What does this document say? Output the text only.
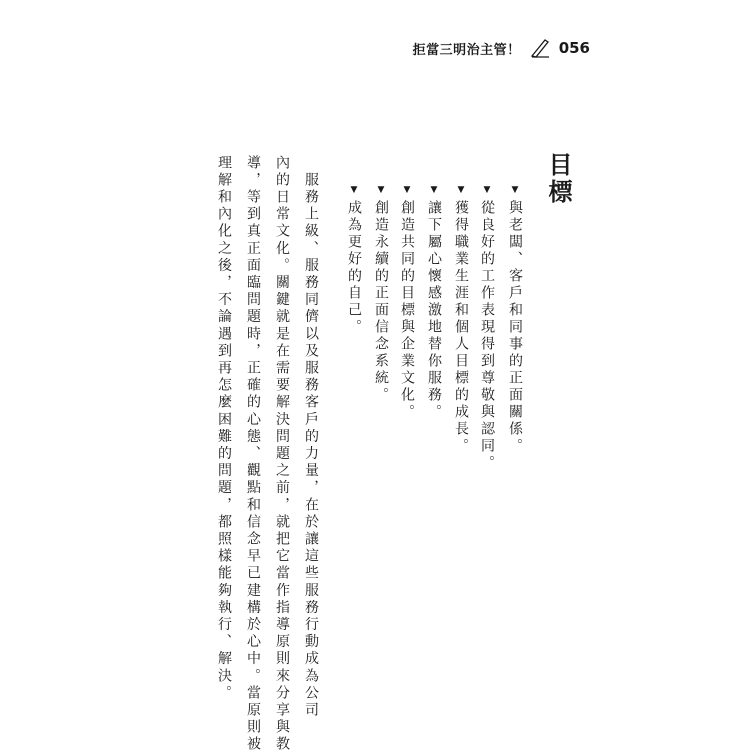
拒當三明治主管！	056
目標
▼與老闆、客戶和同事的正面關係。
▼從良好的工作表現得到尊敬與認同。
▼獲得職業生涯和個人目標的成長。
▼讓下屬心懷感激地替你服務。
▼創造共同的目標與企業文化。
▼創造永續的正面信念系統。
▼成為更好的自己。
　服務上級、服務同儕以及服務客戶的力量，在於讓這些服務行動成為公司
內的日常文化。關鍵就是在需要解決問題之前，就把它當作指導原則來分享與教
導，等到真正面臨問題時，正確的心態、觀點和信念早已建構於心中。當原則被
理解和內化之後，不論遇到再怎麼困難的問題，都照樣能夠執行、解決。
